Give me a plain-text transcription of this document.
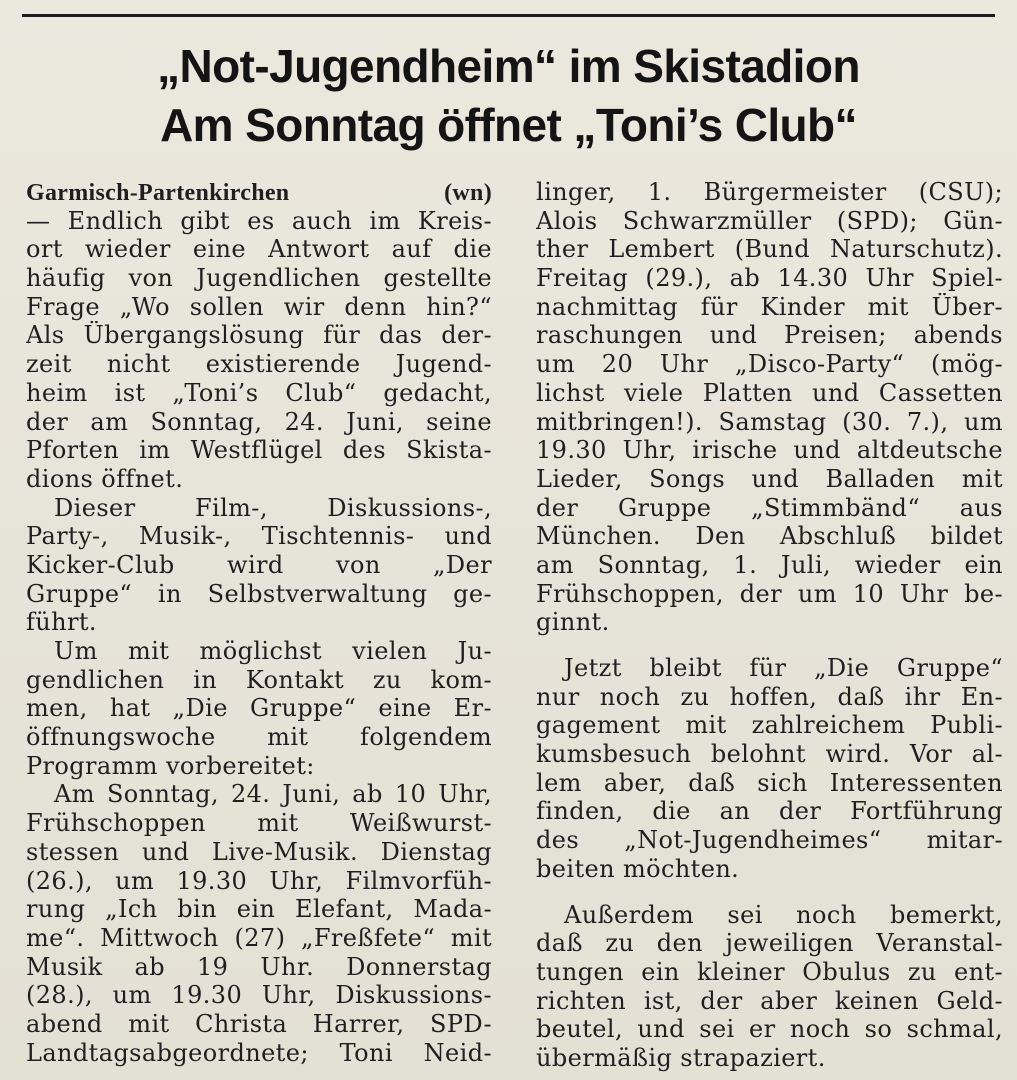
„Not-Jugendheim“ im Skistadion
Am Sonntag öffnet „Toni’s Club“
Garmisch-Partenkirchen	(wn)
— Endlich gibt es auch im Kreis-
ort wieder eine Antwort auf die
häufig von Jugendlichen gestellte
Frage „Wo sollen wir denn hin?“
Als Übergangslösung für das der-
zeit nicht existierende Jugend-
heim ist „Toni’s Club“ gedacht,
der am Sonntag, 24. Juni, seine
Pforten im Westflügel des Skista-
dions öffnet.
Dieser Film-, Diskussions-,
Party-, Musik-, Tischtennis- und
Kicker-Club wird von „Der
Gruppe“ in Selbstverwaltung ge-
führt.
Um mit möglichst vielen Ju-
gendlichen in Kontakt zu kom-
men, hat „Die Gruppe“ eine Er-
öffnungswoche mit folgendem
Programm vorbereitet:
Am Sonntag, 24. Juni, ab 10 Uhr,
Frühschoppen mit Weißwurst-
stessen und Live-Musik. Dienstag
(26.), um 19.30 Uhr, Filmvorfüh-
rung „Ich bin ein Elefant, Mada-
me“. Mittwoch (27) „Freßfete“ mit
Musik ab 19 Uhr. Donnerstag
(28.), um 19.30 Uhr, Diskussions-
abend mit Christa Harrer, SPD-
Landtagsabgeordnete; Toni Neid-
linger, 1. Bürgermeister (CSU);
Alois Schwarzmüller (SPD); Gün-
ther Lembert (Bund Naturschutz).
Freitag (29.), ab 14.30 Uhr Spiel-
nachmittag für Kinder mit Über-
raschungen und Preisen; abends
um 20 Uhr „Disco-Party“ (mög-
lichst viele Platten und Cassetten
mitbringen!). Samstag (30. 7.), um
19.30 Uhr, irische und altdeutsche
Lieder, Songs und Balladen mit
der Gruppe „Stimmbänd“ aus
München. Den Abschluß bildet
am Sonntag, 1. Juli, wieder ein
Frühschoppen, der um 10 Uhr be-
ginnt.
Jetzt bleibt für „Die Gruppe“
nur noch zu hoffen, daß ihr En-
gagement mit zahlreichem Publi-
kumsbesuch belohnt wird. Vor al-
lem aber, daß sich Interessenten
finden, die an der Fortführung
des „Not-Jugendheimes“ mitar-
beiten möchten.
Außerdem sei noch bemerkt,
daß zu den jeweiligen Veranstal-
tungen ein kleiner Obulus zu ent-
richten ist, der aber keinen Geld-
beutel, und sei er noch so schmal,
übermäßig strapaziert.
